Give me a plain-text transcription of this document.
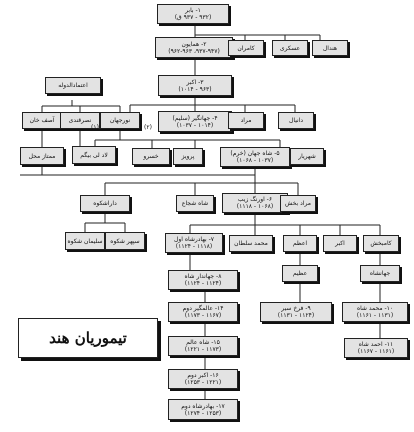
۱- بابر
(۹۳۲ - ۹۳۷ ق)
۲- همایون
(۹۳۷-۹۴۷، ۹۶۲-۹۶۳)	کامران	عسکری	هندال
۳- اکبر
(۹۶۳ - ۱۰۱۴)
اعتمادالدوله
۴- جهانگیر (سلیم)
(۱۰۱۴ - ۱۰۳۷)
مراد	دانیال
آصف خان نصرقندی	نورجهان
(۱)	(۲)
ممتاز محل	لاد لی بیگم	خسرو	پرویز	۵- شاه جهان (خرم)
(۱۰۳۷ - ۱۰۶۸)
شهریار
داراشکوه	شاه شجاع
۶- اورنگ زیب
(۱۰۶۸ - ۱۱۱۸) مراد بخش
سلیمان شکوه سپهر شکوه	۷- بهادرشاه اول
(۱۱۱۸ - ۱۱۲۴)	محمد سلطان	اعظم	اکبر	کامبخش
۸- جهاندار شاه
(۱۱۲۴ - ۱۱۲۴)
عظیم	جهانشاه
۱۴- عالمگیر دوم
(۱۱۶۷ - ۱۱۷۳)
۹- فرخ سیر
(۱۱۲۴ - ۱۱۳۱)
۱۰- محمد شاه
(۱۱۳۱ - ۱۱۶۱)
تیموریان هند	۱۵- شاه عالم
(۱۱۷۳ - ۱۲۲۱)
۱۱- احمد شاه
(۱۱۶۱ - ۱۱۶۷)
۱۶- اکبر دوم
(۱۲۲۱ - ۱۲۵۳)
۱۷- بهادرشاه دوم
(۱۲۵۳ - ۱۲۷۴)
